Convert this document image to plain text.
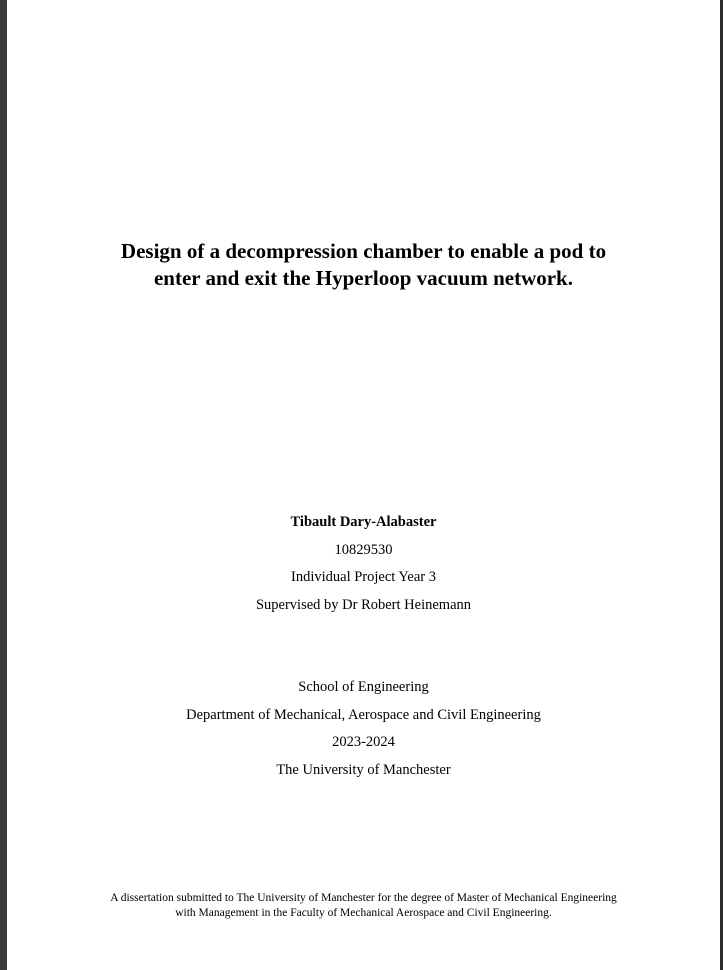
Design of a decompression chamber to enable a pod to
enter and exit the Hyperloop vacuum network.
Tibault Dary-Alabaster
10829530
Individual Project Year 3
Supervised by Dr Robert Heinemann
School of Engineering
Department of Mechanical, Aerospace and Civil Engineering
2023-2024
The University of Manchester
A dissertation submitted to The University of Manchester for the degree of Master of Mechanical Engineering
with Management in the Faculty of Mechanical Aerospace and Civil Engineering.
